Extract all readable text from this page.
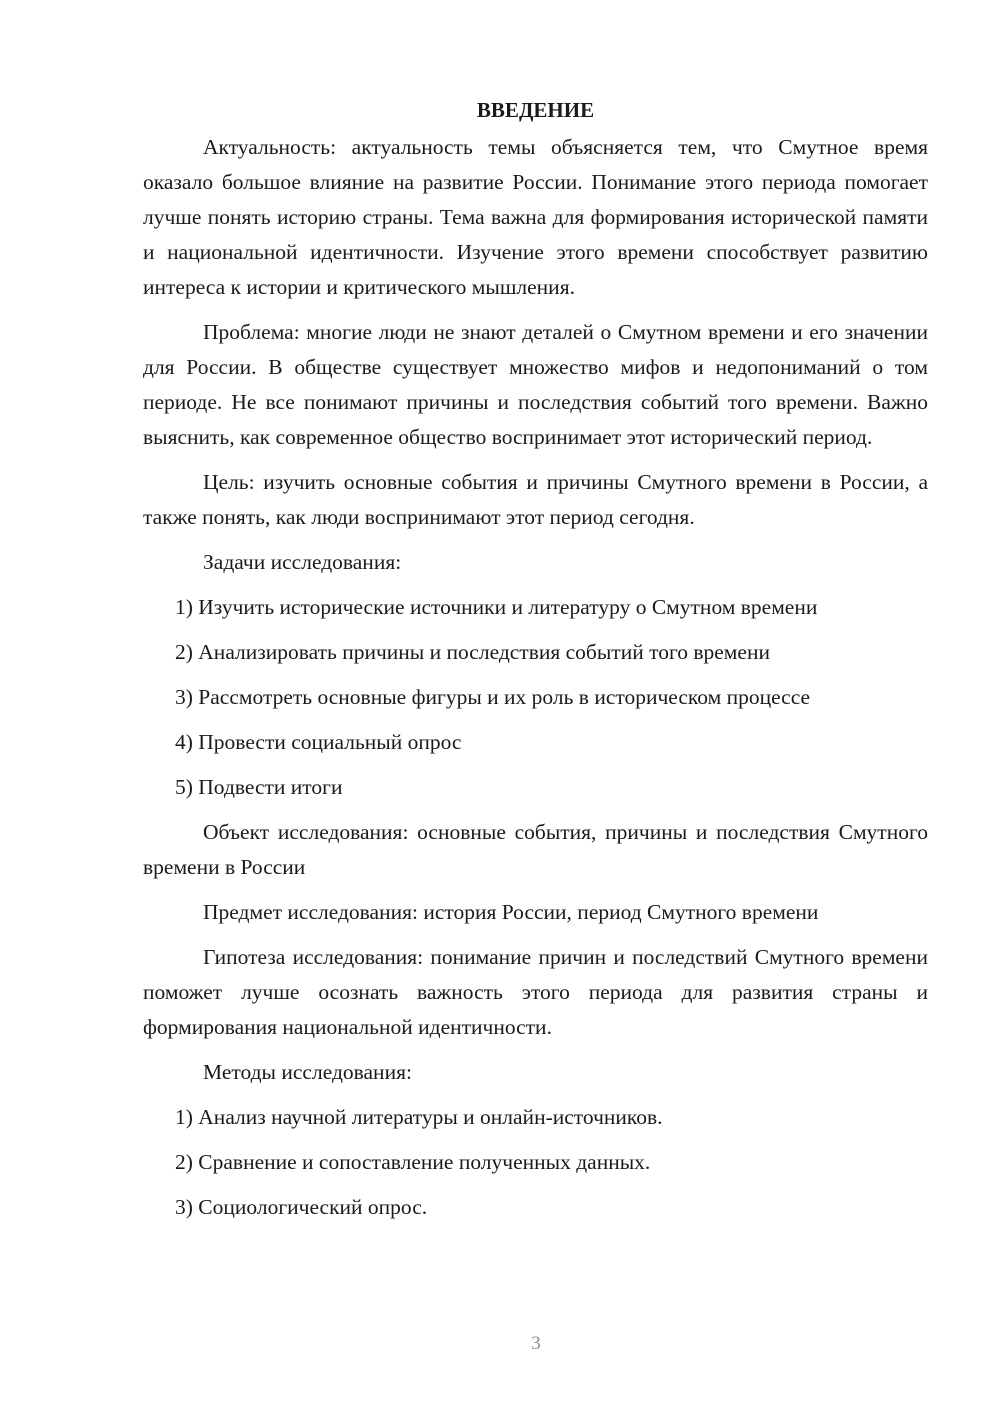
ВВЕДЕНИЕ

Актуальность: актуальность темы объясняется тем, что Смутное время оказало большое влияние на развитие России. Понимание этого периода помогает лучше понять историю страны. Тема важна для формирования исторической памяти и национальной идентичности. Изучение этого времени способствует развитию интереса к истории и критического мышления.

Проблема: многие люди не знают деталей о Смутном времени и его значении для России. В обществе существует множество мифов и недопониманий о том периоде. Не все понимают причины и последствия событий того времени. Важно выяснить, как современное общество воспринимает этот исторический период.

Цель: изучить основные события и причины Смутного времени в России, а также понять, как люди воспринимают этот период сегодня.

Задачи исследования:

1) Изучить исторические источники и литературу о Смутном времени
2) Анализировать причины и последствия событий того времени
3) Рассмотреть основные фигуры и их роль в историческом процессе
4) Провести социальный опрос
5) Подвести итоги

Объект исследования: основные события, причины и последствия Смутного времени в России

Предмет исследования: история России, период Смутного времени

Гипотеза исследования: понимание причин и последствий Смутного времени поможет лучше осознать важность этого периода для развития страны и формирования национальной идентичности.

Методы исследования:

1) Анализ научной литературы и онлайн-источников.
2) Сравнение и сопоставление полученных данных.
3) Социологический опрос.
3
